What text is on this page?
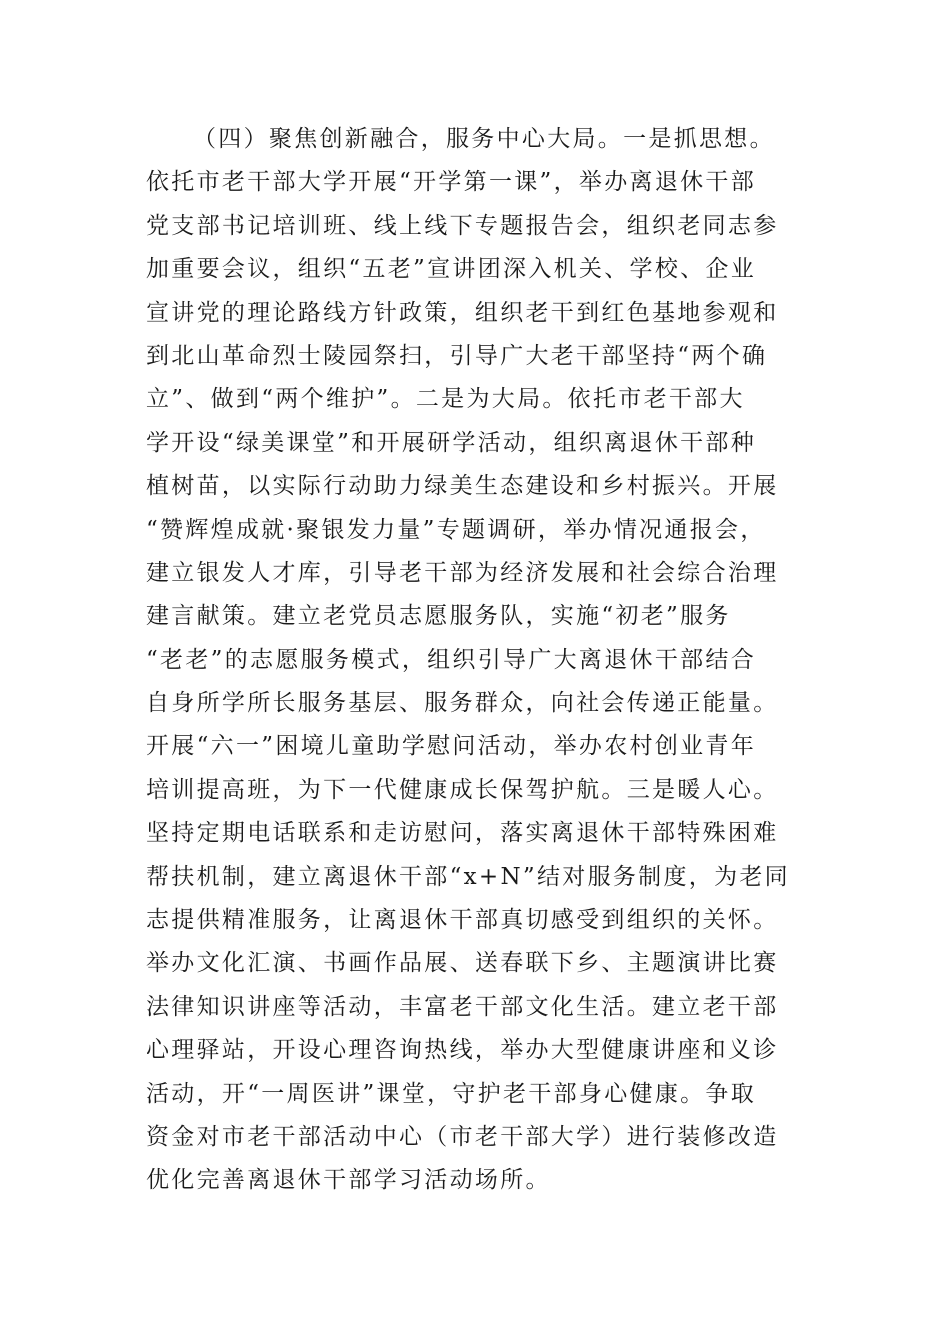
（四）聚焦创新融合，服务中心大局。一是抓思想。
依托市老干部大学开展“开学第一课”，举办离退休干部
党支部书记培训班、线上线下专题报告会，组织老同志参
加重要会议，组织“五老”宣讲团深入机关、学校、企业
宣讲党的理论路线方针政策，组织老干到红色基地参观和
到北山革命烈士陵园祭扫，引导广大老干部坚持“两个确
立”、做到“两个维护”。二是为大局。依托市老干部大
学开设“绿美课堂”和开展研学活动，组织离退休干部种
植树苗，以实际行动助力绿美生态建设和乡村振兴。开展
“赞辉煌成就·聚银发力量”专题调研，举办情况通报会，
建立银发人才库，引导老干部为经济发展和社会综合治理
建言献策。建立老党员志愿服务队，实施“初老”服务
“老老”的志愿服务模式，组织引导广大离退休干部结合
自身所学所长服务基层、服务群众，向社会传递正能量。
开展“六一”困境儿童助学慰问活动，举办农村创业青年
培训提高班，为下一代健康成长保驾护航。三是暖人心。
坚持定期电话联系和走访慰问，落实离退休干部特殊困难
帮扶机制，建立离退休干部“x+N”结对服务制度，为老同
志提供精准服务，让离退休干部真切感受到组织的关怀。
举办文化汇演、书画作品展、送春联下乡、主题演讲比赛
法律知识讲座等活动，丰富老干部文化生活。建立老干部
心理驿站，开设心理咨询热线，举办大型健康讲座和义诊
活动，开“一周医讲”课堂，守护老干部身心健康。争取
资金对市老干部活动中心（市老干部大学）进行装修改造
优化完善离退休干部学习活动场所。
